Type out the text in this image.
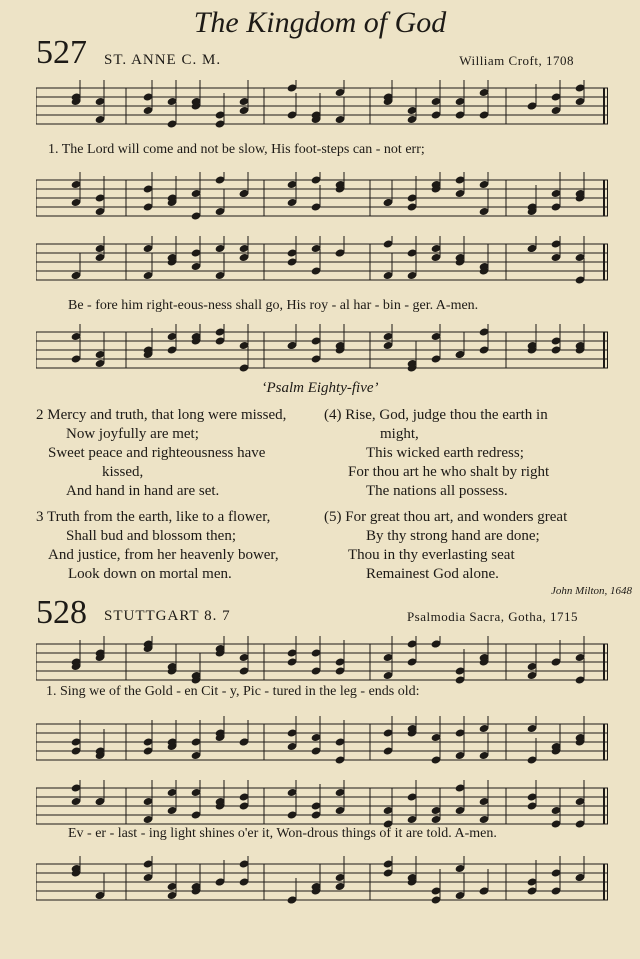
The Kingdom of God
527 ST. ANNE C. M.	William Croft, 1708
1. The Lord will come and not be slow, His foot-steps can - not err;
Be - fore him right-eous-ness shall go, His roy - al har - bin - ger. A-men.
‘Psalm Eighty-five’
2 Mercy and truth, that long were missed,
Now joyfully are met;
Sweet peace and righteousness have
kissed,
And hand in hand are set.
(4) Rise, God, judge thou the earth in
might,
This wicked earth redress;
For thou art he who shalt by right
The nations all possess.
3 Truth from the earth, like to a flower,
Shall bud and blossom then;
And justice, from her heavenly bower,
Look down on mortal men.
(5) For great thou art, and wonders great
By thy strong hand are done;
Thou in thy everlasting seat
Remainest God alone.
John Milton, 1648
528 STUTTGART 8. 7	Psalmodia Sacra, Gotha, 1715
1. Sing we of the Gold - en Cit - y, Pic - tured in the leg - ends old:
Ev - er - last - ing light shines o'er it, Won-drous things of it are told. A-men.
